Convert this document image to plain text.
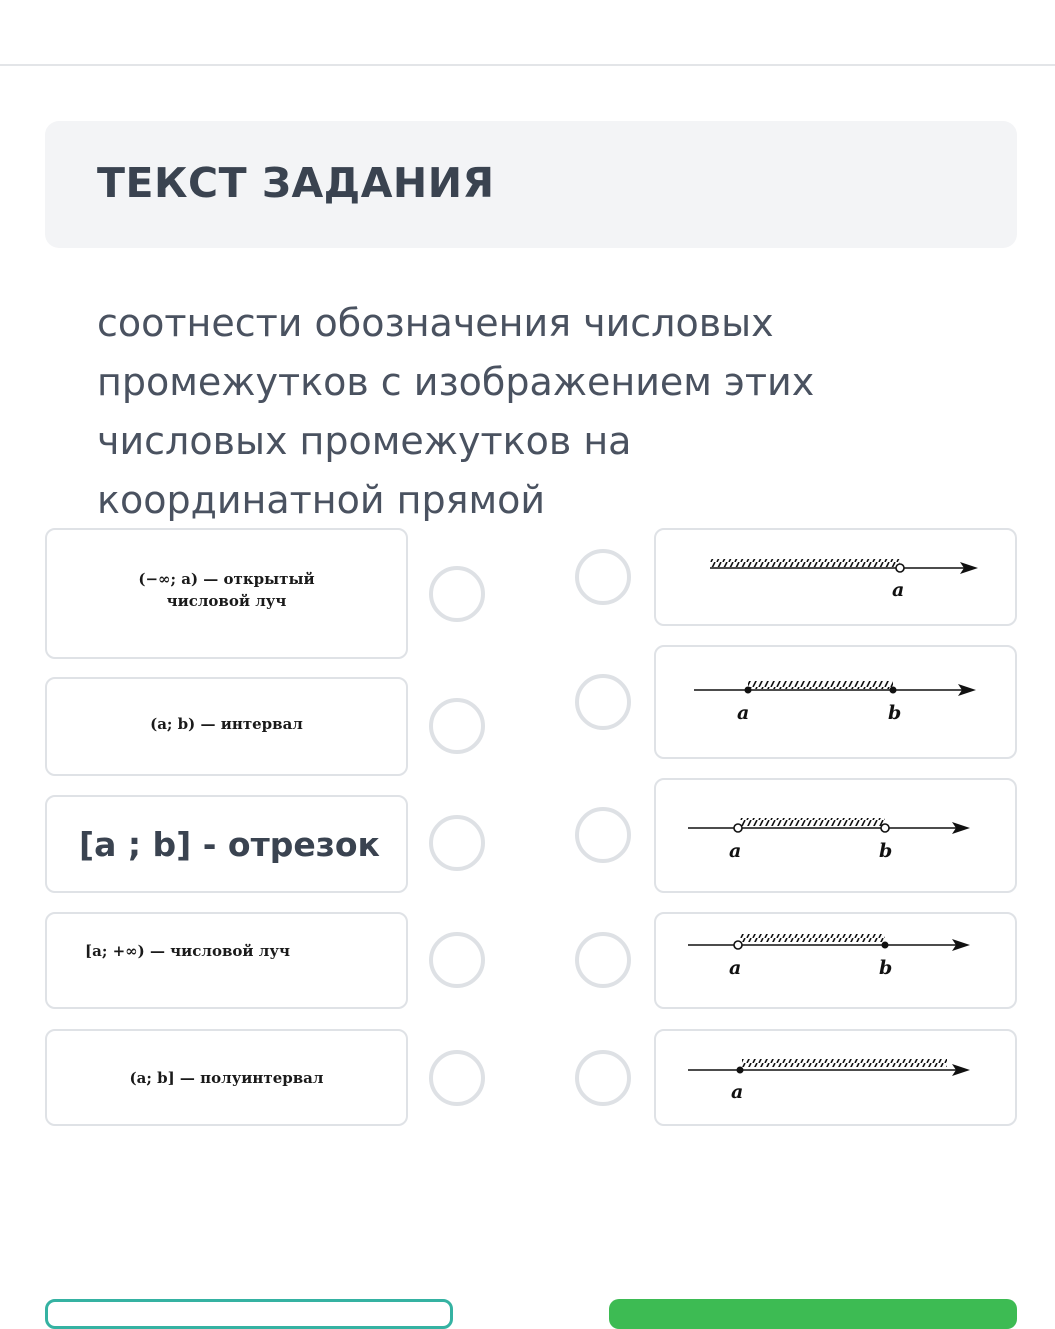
ТЕКСТ ЗАДАНИЯ

соотнести обозначения числовых промежутков с изображением этих числовых промежутков на координатной прямой

(−∞; a) — открытый
числовой луч
(a; b) — интервал
[a ; b] - отрезок
[a; +∞) — числовой луч
(a; b] — полуинтервал
a
a	b
a	b
a	b
a
